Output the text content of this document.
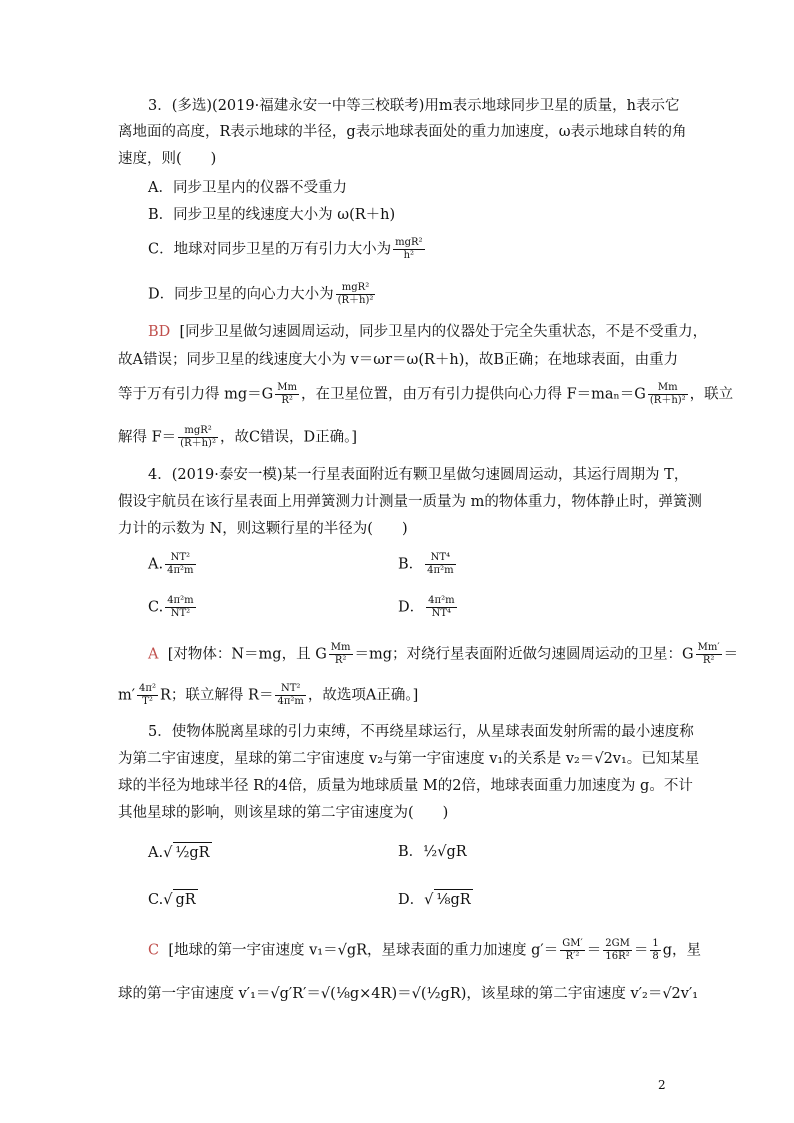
3．(多选)(2019·福建永安一中等三校联考)用m表示地球同步卫星的质量，h表示它
离地面的高度，R表示地球的半径，g表示地球表面处的重力加速度，ω表示地球自转的角
速度，则(　　)
A．同步卫星内的仪器不受重力
B．同步卫星的线速度大小为 ω(R＋h)
C．地球对同步卫星的万有引力大小为 $\frac{\text{mgR²}}{\text{h²}}$
D．同步卫星的向心力大小为 $\frac{\text{mgR²}}{\text{(R＋h)²}}$
BD [同步卫星做匀速圆周运动，同步卫星内的仪器处于完全失重状态，不是不受重力，
故A错误；同步卫星的线速度大小为 v＝ωr＝ω(R＋h)，故B正确；在地球表面，由重力
等于万有引力得 $mg=G \frac{Mm}{\text{R²}}$ ，在卫星位置，由万有引力提供向心力得 $F=ma_n=G \frac{Mm}{\text{(R＋h)²}}$ ，联立
解得 $F= \frac{\text{mgR²}}{\text{(R＋h)²}}$ ，故C错误，D正确。]
4．(2019·泰安一模)某一行星表面附近有颗卫星做匀速圆周运动，其运行周期为 T，
假设宇航员在该行星表面上用弹簧测力计测量一质量为 m的物体重力，物体静止时，弹簧测
力计的示数为 N，则这颗行星的半径为(　　)
A. $\frac{\text{NT²}}{\text{4π²m}}$	B． $\frac{\text{NT⁴}}{\text{4π²m}}$
C. $\frac{\text{4π²m}}{\text{NT²}}$	D． $\frac{\text{4π²m}}{\text{NT⁴}}$
A [对物体：N＝mg，且 G $\frac{Mm}{\text{R²}} =mg$；对绕行星表面附近做匀速圆周运动的卫星：G $\frac{Mm'}{\text{R²}}$ ＝
$m' \frac{\text{4π²}}{\text{T²}}$ R；联立解得 $R= \frac{\text{NT²}}{\text{4π²m}}$ ，故选项A正确。]
5．使物体脱离星球的引力束缚，不再绕星球运行，从星球表面发射所需的最小速度称
为第二宇宙速度，星球的第二宇宙速度 v₂与第一宇宙速度 v₁的关系是 v₂＝√2v₁。已知某星
球的半径为地球半径 R的4倍，质量为地球质量 M的2倍，地球表面重力加速度为 g。不计
其他星球的影响，则该星球的第二宇宙速度为(　　)
A.√ ½gR	B．½√gR
C.√ gR	D．√ ⅛gR
C [地球的第一宇宙速度 v₁＝√gR，星球表面的重力加速度 $g'= \frac{GM'}{\text{R′²}} = \frac{2GM}{\text{16R²}} = \frac{1}{8}$ g，星
球的第一宇宙速度 v′₁＝√g′R′＝√(⅛g×4R)＝√(½gR)，该星球的第二宇宙速度 v′₂＝√2v′₁
2
